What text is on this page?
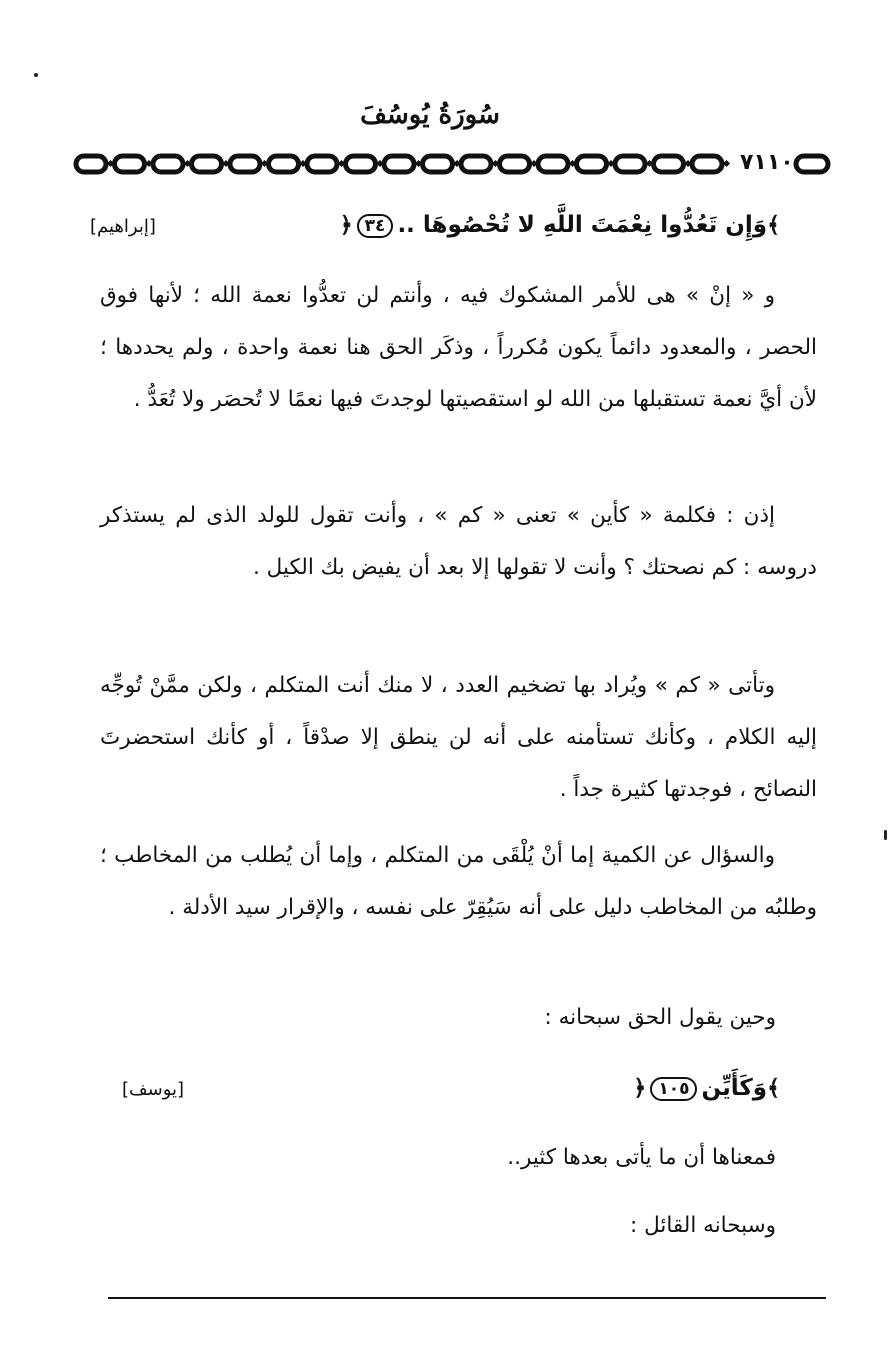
سُورَةُ يُوسُفَ
٧١١٠
﴾وَإِن تَعُدُّوا نِعْمَتَ اللَّهِ لا تُحْصُوهَا ..٣٤﴿
[إبراهيم]

و « إنْ » هى للأمر المشكوك فيه ، وأنتم لن تعدُّوا نعمة الله ؛ لأنها فوق الحصر ، والمعدود دائماً يكون مُكرراً ، وذكَر الحق هنا نعمة واحدة ، ولم يحددها ؛ لأن أيَّ نعمة تستقبلها من الله لو استقصيتها لوجدتَ فيها نعمًا لا تُحصَر ولا تُعَدُّ .

إذن : فكلمة « كأين » تعنى « كم » ، وأنت تقول للولد الذى لم يستذكر دروسه : كم نصحتك ؟ وأنت لا تقولها إلا بعد أن يفيض بك الكيل .

وتأتى « كم » ويُراد بها تضخيم العدد ، لا منك أنت المتكلم ، ولكن ممَّنْ تُوجِّه إليه الكلام ، وكأنك تستأمنه على أنه لن ينطق إلا صدْقاً ، أو كأنك استحضرتَ النصائح ، فوجدتها كثيرة جداً .

والسؤال عن الكمية إما أنْ يُلْقَى من المتكلم ، وإما أن يُطلب من المخاطب ؛ وطلبُه من المخاطب دليل على أنه سَيُقِرّ على نفسه ، والإقرار سيد الأدلة .

وحين يقول الحق سبحانه :
﴾وَكَأَيِّن١٠٥﴿
[يوسف]
فمعناها أن ما يأتى بعدها كثير..
وسبحانه القائل :
